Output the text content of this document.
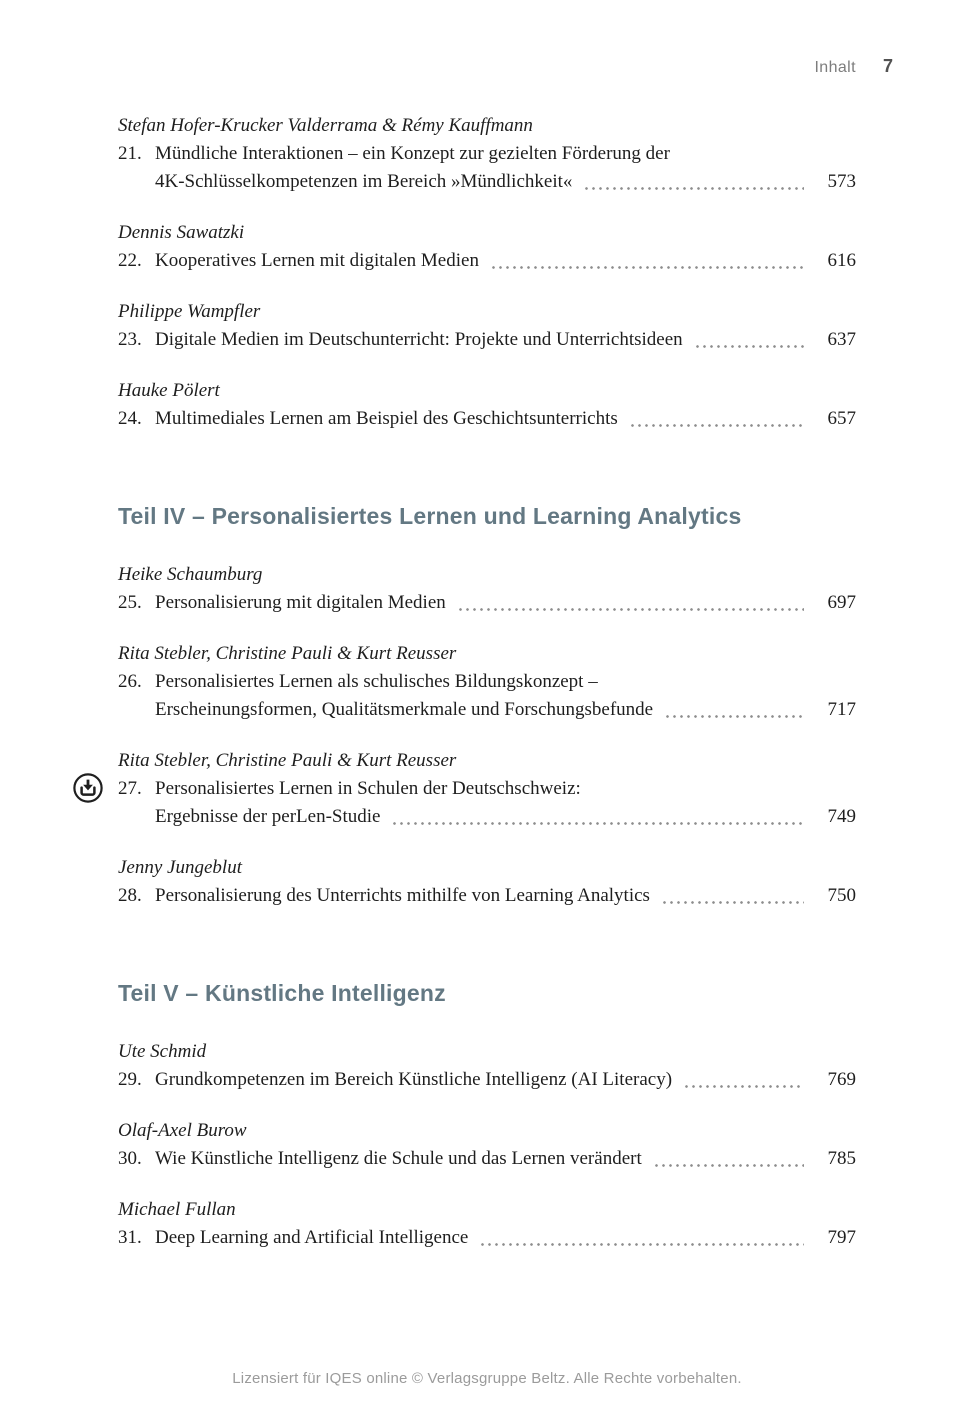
Inhalt 7
Stefan Hofer-Krucker Valderrama & Rémy Kauffmann
21. Mündliche Interaktionen – ein Konzept zur gezielten Förderung der
4K-Schlüsselkompetenzen im Bereich »Mündlichkeit«	573
Dennis Sawatzki
22. Kooperatives Lernen mit digitalen Medien	616
Philippe Wampfler
23. Digitale Medien im Deutschunterricht: Projekte und Unterrichtsideen	637
Hauke Pölert
24. Multimediales Lernen am Beispiel des Geschichtsunterrichts	657
Teil IV – Personalisiertes Lernen und Learning Analytics
Heike Schaumburg
25. Personalisierung mit digitalen Medien	697
Rita Stebler, Christine Pauli & Kurt Reusser
26. Personalisiertes Lernen als schulisches Bildungskonzept –
Erscheinungsformen, Qualitätsmerkmale und Forschungsbefunde	717
Rita Stebler, Christine Pauli & Kurt Reusser
27. Personalisiertes Lernen in Schulen der Deutschschweiz:
Ergebnisse der perLen-Studie	749
Jenny Jungeblut
28. Personalisierung des Unterrichts mithilfe von Learning Analytics	750
Teil V – Künstliche Intelligenz
Ute Schmid
29. Grundkompetenzen im Bereich Künstliche Intelligenz (AI Literacy)	769
Olaf-Axel Burow
30. Wie Künstliche Intelligenz die Schule und das Lernen verändert	785
Michael Fullan
31. Deep Learning and Artificial Intelligence	797
Lizensiert für IQES online © Verlagsgruppe Beltz. Alle Rechte vorbehalten.
